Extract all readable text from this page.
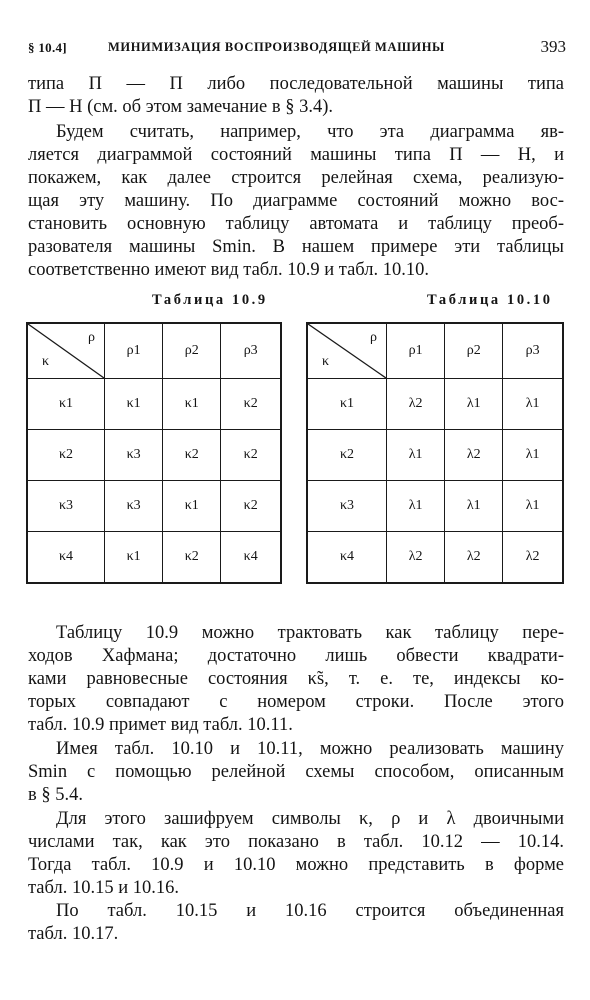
§ 10.4]	МИНИМИЗАЦИЯ ВОСПРОИЗВОДЯЩЕЙ МАШИНЫ	393
типа П — П либо последовательной машины типа
П — Н (см. об этом замечание в § 3.4).
Будем считать, например, что эта диаграмма яв-
ляется диаграммой состояний машины типа П — Н, и
покажем, как далее строится релейная схема, реализую-
щая эту машину. По диаграмме состояний можно вос-
становить основную таблицу автомата и таблицу преоб-
разователя машины Smin. В нашем примере эти таблицы
соответственно имеют вид табл. 10.9 и табл. 10.10.
Таблица 10.9
ρ
κ	ρ1	ρ2	ρ3
κ1	κ1	κ1	κ2
κ2	κ3	κ2	κ2
κ3	κ3	κ1	κ2
κ4	κ1	κ2	κ4
Таблица 10.10
ρ
κ	ρ1	ρ2	ρ3
κ1	λ2	λ1	λ1
κ2	λ1	λ2	λ1
κ3	λ1	λ1	λ1
κ4	λ2	λ2	λ2
Таблицу 10.9 можно трактовать как таблицу пере-
ходов Хафмана; достаточно лишь обвести квадрати-
ками равновесные состояния κ̃s, т. е. те, индексы ко-
торых совпадают с номером строки. После этого
табл. 10.9 примет вид табл. 10.11.
Имея табл. 10.10 и 10.11, можно реализовать машину
Smin с помощью релейной схемы способом, описанным
в § 5.4.
Для этого зашифруем символы κ, ρ и λ двоичными
числами так, как это показано в табл. 10.12 — 10.14.
Тогда табл. 10.9 и 10.10 можно представить в форме
табл. 10.15 и 10.16.
По табл. 10.15 и 10.16 строится объединенная
табл. 10.17.
